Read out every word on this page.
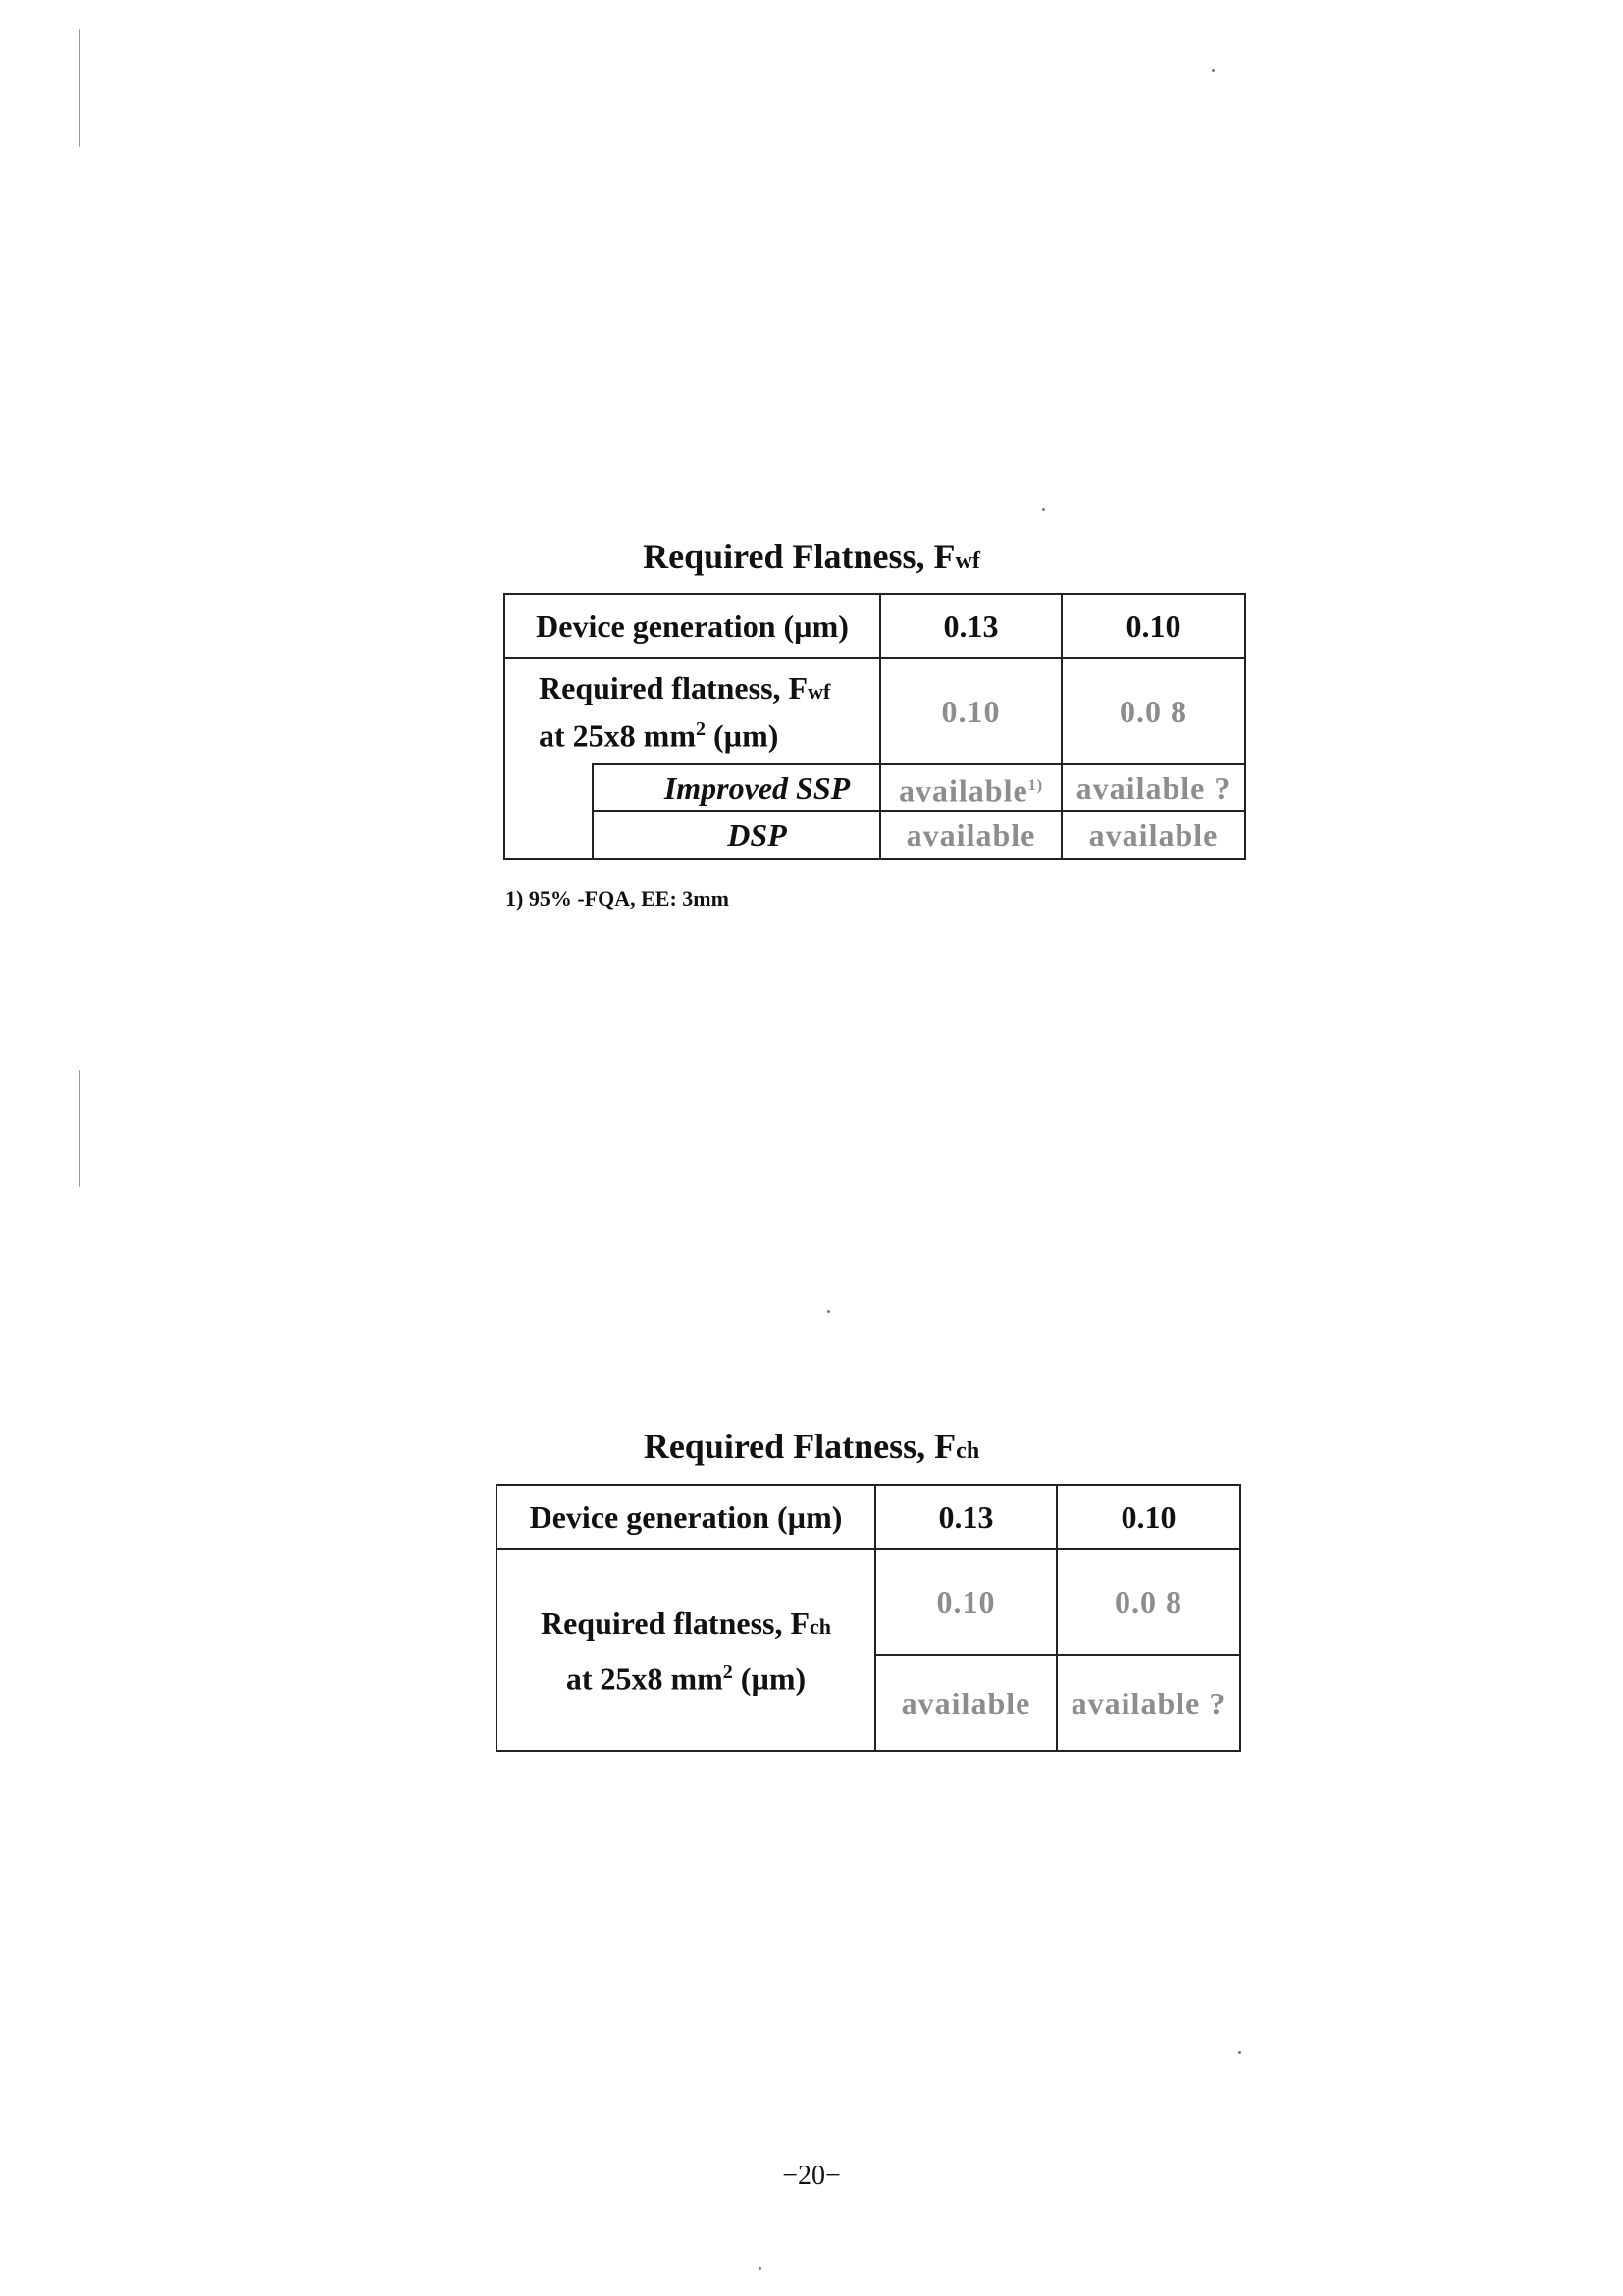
Required Flatness, Fwf
Device generation (µm)		0.13	0.10

Required flatness, Fwf
at 25x8 $mm^2$ (µm)		0.10	0.0 8
	Improved SSP	available$^{1)}$	available ?
	DSP	available	available
1) 95% -FQA, EE: 3mm
Required Flatness, Fch
Device generation (µm)	0.13	0.10

Required flatness, Fch
at 25x8 $mm^2$ (µm)	0.10	0.0 8
	available	available ?
−20−
